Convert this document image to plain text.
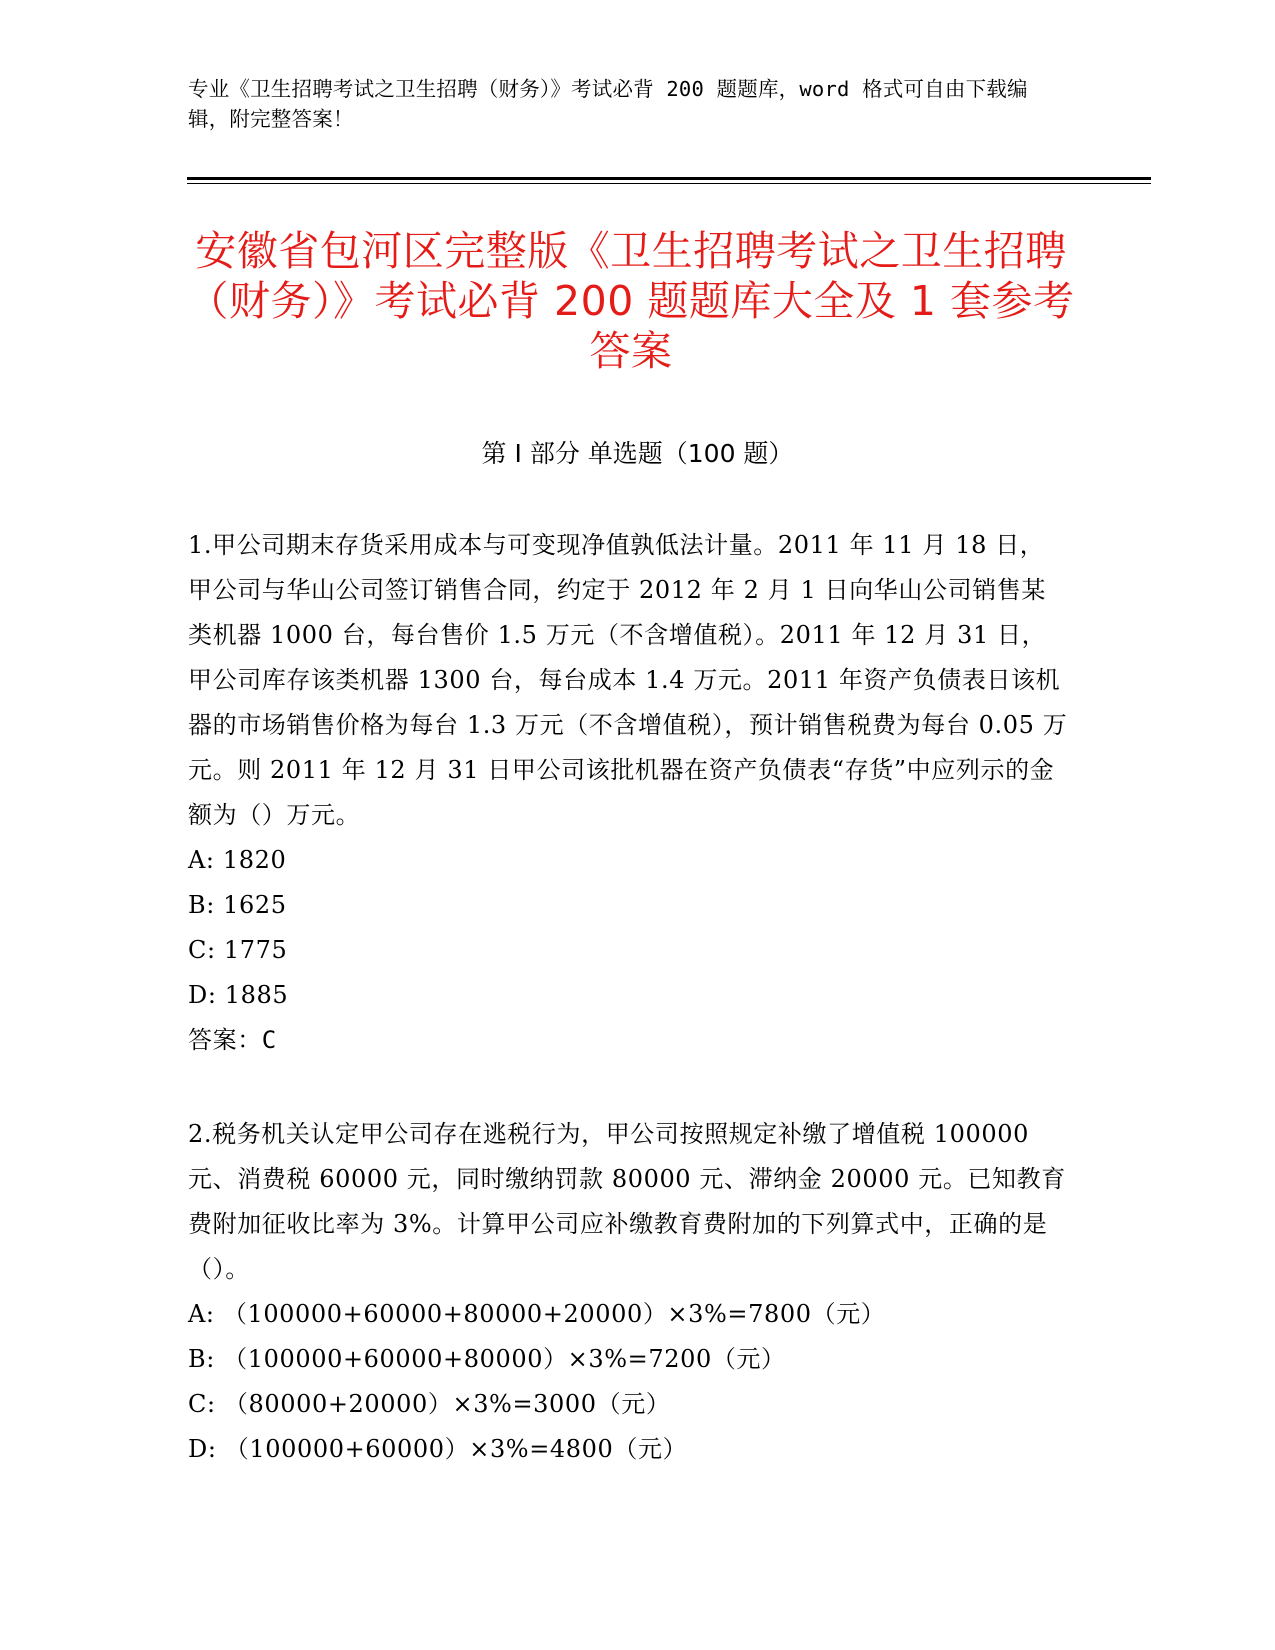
专业《卫生招聘考试之卫生招聘（财务）》考试必背 200 题题库，word 格式可自由下载编辑，附完整答案！
安徽省包河区完整版《卫生招聘考试之卫生招聘（财务）》考试必背 200 题题库大全及 1 套参考答案
第 I 部分 单选题（100 题）

1.甲公司期末存货采用成本与可变现净值孰低法计量。2011 年 11 月 18 日，甲公司与华山公司签订销售合同，约定于 2012 年 2 月 1 日向华山公司销售某类机器 1000 台，每台售价 1.5 万元（不含增值税）。2011 年 12 月 31 日，甲公司库存该类机器 1300 台，每台成本 1.4 万元。2011 年资产负债表日该机器的市场销售价格为每台 1.3 万元（不含增值税），预计销售税费为每台 0.05 万元。则 2011 年 12 月 31 日甲公司该批机器在资产负债表“存货”中应列示的金额为（）万元。

A: 1820

B: 1625

C: 1775

D: 1885

答案：C

2.税务机关认定甲公司存在逃税行为，甲公司按照规定补缴了增值税 100000 元、消费税 60000 元，同时缴纳罚款 80000 元、滞纳金 20000 元。已知教育费附加征收比率为 3%。计算甲公司应补缴教育费附加的下列算式中，正确的是（）。

A: （100000+60000+80000+20000）×3%=7800（元）

B: （100000+60000+80000）×3%=7200（元）

C: （80000+20000）×3%=3000（元）

D: （100000+60000）×3%=4800（元）
